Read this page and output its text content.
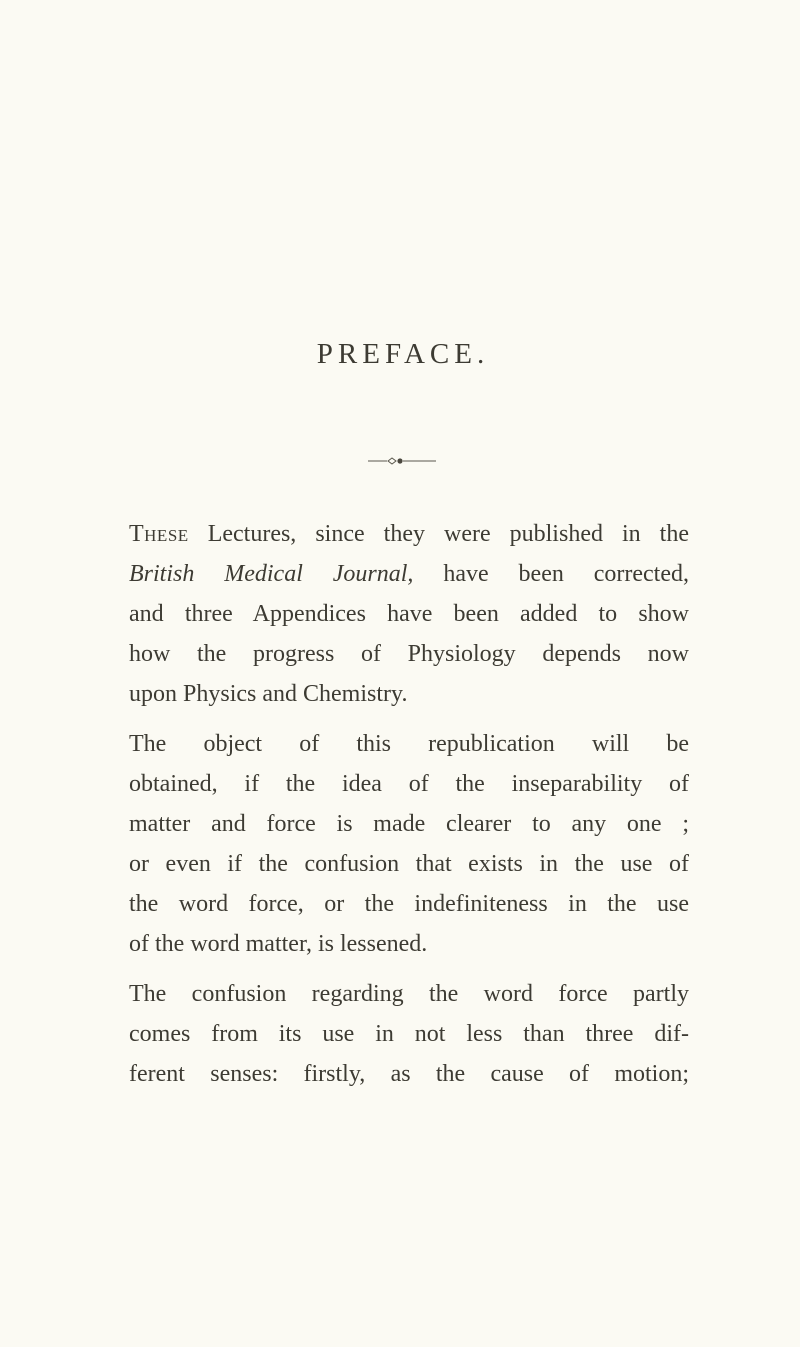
PREFACE.
These Lectures, since they were published in the
British Medical Journal, have been corrected,
and three Appendices have been added to show
how the progress of Physiology depends now
upon Physics and Chemistry.
The object of this republication will be
obtained, if the idea of the inseparability of
matter and force is made clearer to any one ;
or even if the confusion that exists in the use of
the word force, or the indefiniteness in the use
of the word matter, is lessened.
The confusion regarding the word force partly
comes from its use in not less than three dif-
ferent senses: firstly, as the cause of motion;
